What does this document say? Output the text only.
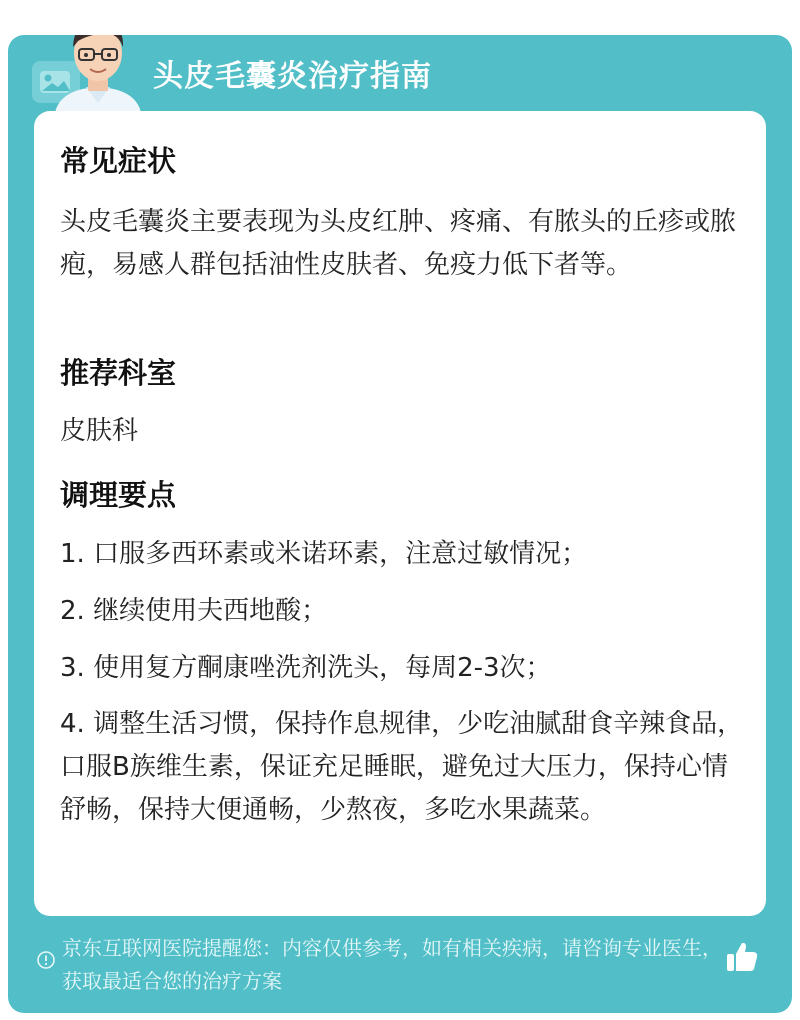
头皮毛囊炎治疗指南
常见症状
头皮毛囊炎主要表现为头皮红肿、疼痛、有脓头的丘疹或脓疱，易感人群包括油性皮肤者、免疫力低下者等。
推荐科室
皮肤科
调理要点
1. 口服多西环素或米诺环素，注意过敏情况；
2. 继续使用夫西地酸；
3. 使用复方酮康唑洗剂洗头，每周2-3次；
4. 调整生活习惯，保持作息规律，少吃油腻甜食辛辣食品，口服B族维生素，保证充足睡眠，避免过大压力，保持心情舒畅，保持大便通畅，少熬夜，多吃水果蔬菜。
京东互联网医院提醒您：内容仅供参考，如有相关疾病，请咨询专业医生，获取最适合您的治疗方案
